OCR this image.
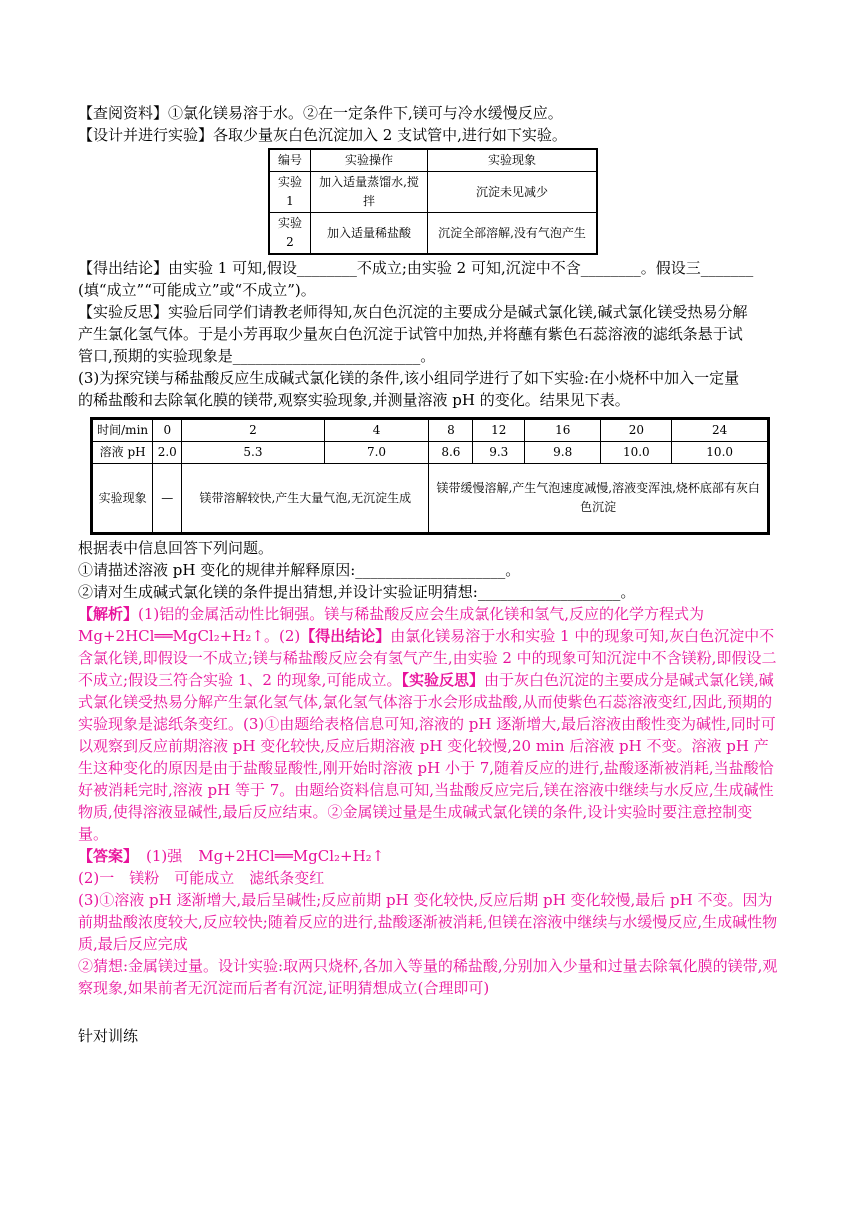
【查阅资料】①氯化镁易溶于水。②在一定条件下,镁可与冷水缓慢反应。

【设计并进行实验】各取少量灰白色沉淀加入 2 支试管中,进行如下实验。

编号	实验操作	实验现象
实验 1	加入适量蒸馏水,搅拌	沉淀未见减少
实验 2	加入适量稀盐酸	沉淀全部溶解,没有气泡产生

【得出结论】由实验 1 可知,假设________不成立;由实验 2 可知,沉淀中不含________。假设三_______

(填“成立”“可能成立”或“不成立”)。

【实验反思】实验后同学们请教老师得知,灰白色沉淀的主要成分是碱式氯化镁,碱式氯化镁受热易分解

产生氯化氢气体。于是小芳再取少量灰白色沉淀于试管中加热,并将蘸有紫色石蕊溶液的滤纸条悬于试

管口,预期的实验现象是_________________________。

(3)为探究镁与稀盐酸反应生成碱式氯化镁的条件,该小组同学进行了如下实验:在小烧杯中加入一定量

的稀盐酸和去除氧化膜的镁带,观察实验现象,并测量溶液 pH 的变化。结果见下表。

时间/min	0	2	4	8	12	16	20	24
溶液 pH	2.0	5.3	7.0	8.6	9.3	9.8	10.0	10.0
实验现象	—	镁带溶解较快,产生大量气泡,无沉淀生成		镁带缓慢溶解,产生气泡速度减慢,溶液变浑浊,烧杯底部有灰白色沉淀				

根据表中信息回答下列问题。

①请描述溶液 pH 变化的规律并解释原因:____________________。

②请对生成碱式氯化镁的条件提出猜想,并设计实验证明猜想:___________________。

【解析】(1)铝的金属活动性比铜强。镁与稀盐酸反应会生成氯化镁和氢气,反应的化学方程式为 Mg+2HCl══MgCl₂+H₂↑。(2)【得出结论】由氯化镁易溶于水和实验 1 中的现象可知,灰白色沉淀中不含氯化镁,即假设一不成立;镁与稀盐酸反应会有氢气产生,由实验 2 中的现象可知沉淀中不含镁粉,即假设二不成立;假设三符合实验 1、2 的现象,可能成立。【实验反思】由于灰白色沉淀的主要成分是碱式氯化镁,碱式氯化镁受热易分解产生氯化氢气体,氯化氢气体溶于水会形成盐酸,从而使紫色石蕊溶液变红,因此,预期的实验现象是滤纸条变红。(3)①由题给表格信息可知,溶液的 pH 逐渐增大,最后溶液由酸性变为碱性,同时可以观察到反应前期溶液 pH 变化较快,反应后期溶液 pH 变化较慢,20 min 后溶液 pH 不变。溶液 pH 产生这种变化的原因是由于盐酸显酸性,刚开始时溶液 pH 小于 7,随着反应的进行,盐酸逐渐被消耗,当盐酸恰好被消耗完时,溶液 pH 等于 7。由题给资料信息可知,当盐酸反应完后,镁在溶液中继续与水反应,生成碱性物质,使得溶液显碱性,最后反应结束。②金属镁过量是生成碱式氯化镁的条件,设计实验时要注意控制变量。

【答案】 (1)强 Mg+2HCl══MgCl₂+H₂↑

(2)一　镁粉　可能成立　滤纸条变红

(3)①溶液 pH 逐渐增大,最后呈碱性;反应前期 pH 变化较快,反应后期 pH 变化较慢,最后 pH 不变。因为前期盐酸浓度较大,反应较快;随着反应的进行,盐酸逐渐被消耗,但镁在溶液中继续与水缓慢反应,生成碱性物质,最后反应完成

②猜想:金属镁过量。设计实验:取两只烧杯,各加入等量的稀盐酸,分别加入少量和过量去除氧化膜的镁带,观察现象,如果前者无沉淀而后者有沉淀,证明猜想成立(合理即可)

针对训练
